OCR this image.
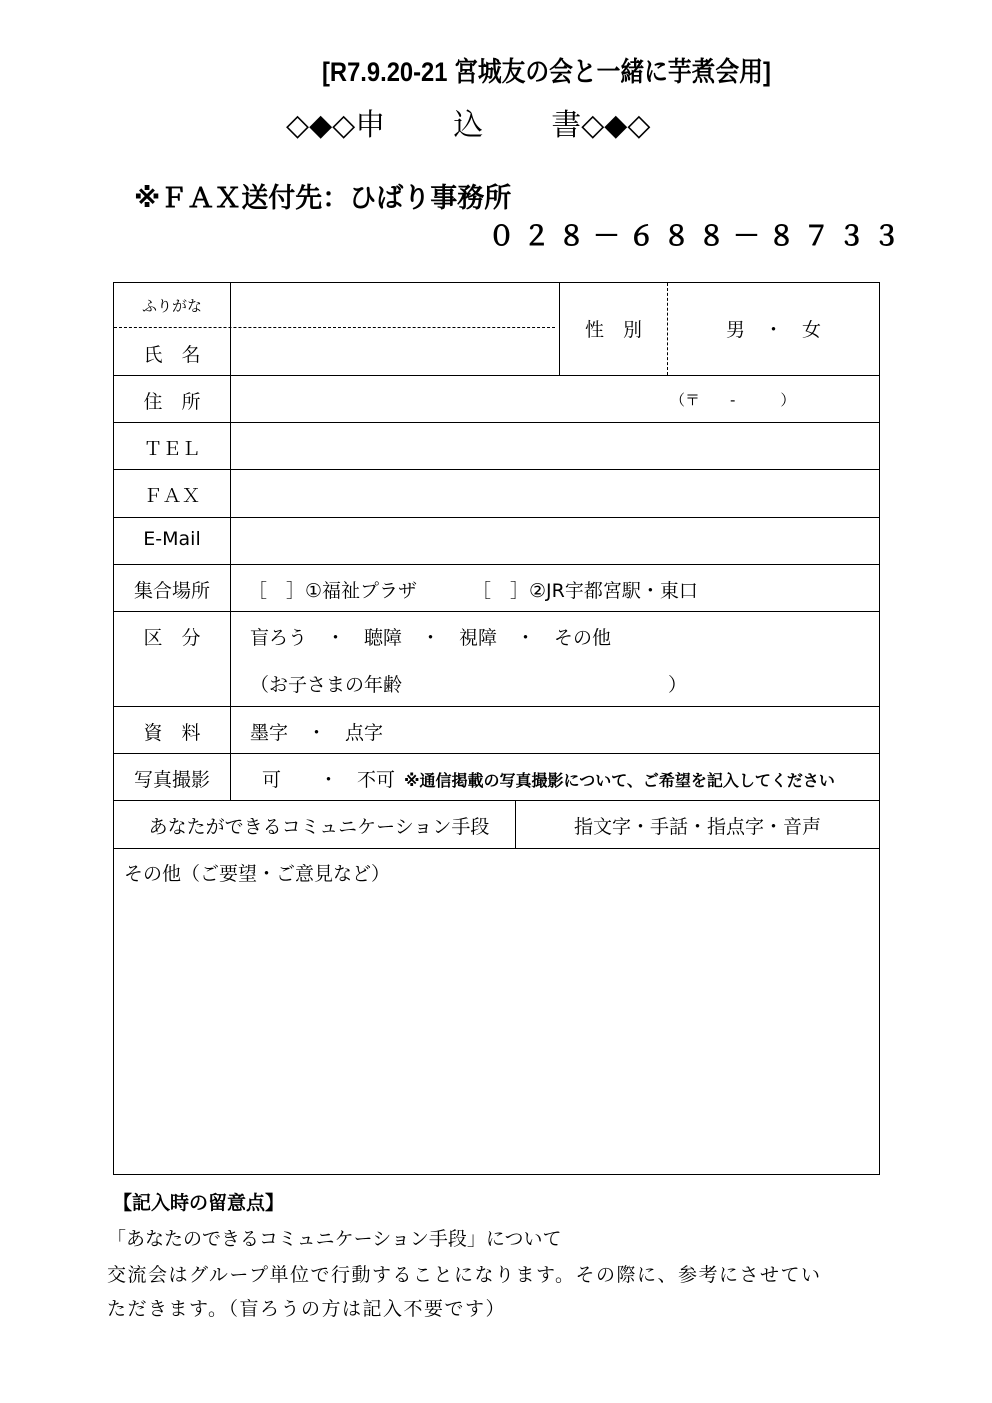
[R7.9.20-21 宮城友の会と一緒に芋煮会用]
◇◆◇申 込 書◇◆◇
※ＦＡＸ送付先：ひばり事務所
０２８－６８８－８７３３
ふりがな
氏　名
性　別	男　・　女
住　所	（〒　　-　　　）
ＴＥＬ
ＦＡＸ
E-Mail
集合場所	［　］①福祉プラザ	［　］②JR宇都宮駅・東口
区　分	盲ろう　・　聴障　・　視障　・　その他
（お子さまの年齢　　　　　　　　　　　　　　）
資　料	墨字　・　点字
写真撮影	可　　・　不可 ※通信掲載の写真撮影について、ご希望を記入してください
あなたができるコミュニケーション手段	指文字・手話・指点字・音声
その他（ご要望・ご意見など）
【記入時の留意点】
「あなたのできるコミュニケーション手段」について
交流会はグループ単位で行動することになります。その際に、参考にさせてい
ただきます。（盲ろうの方は記入不要です）
